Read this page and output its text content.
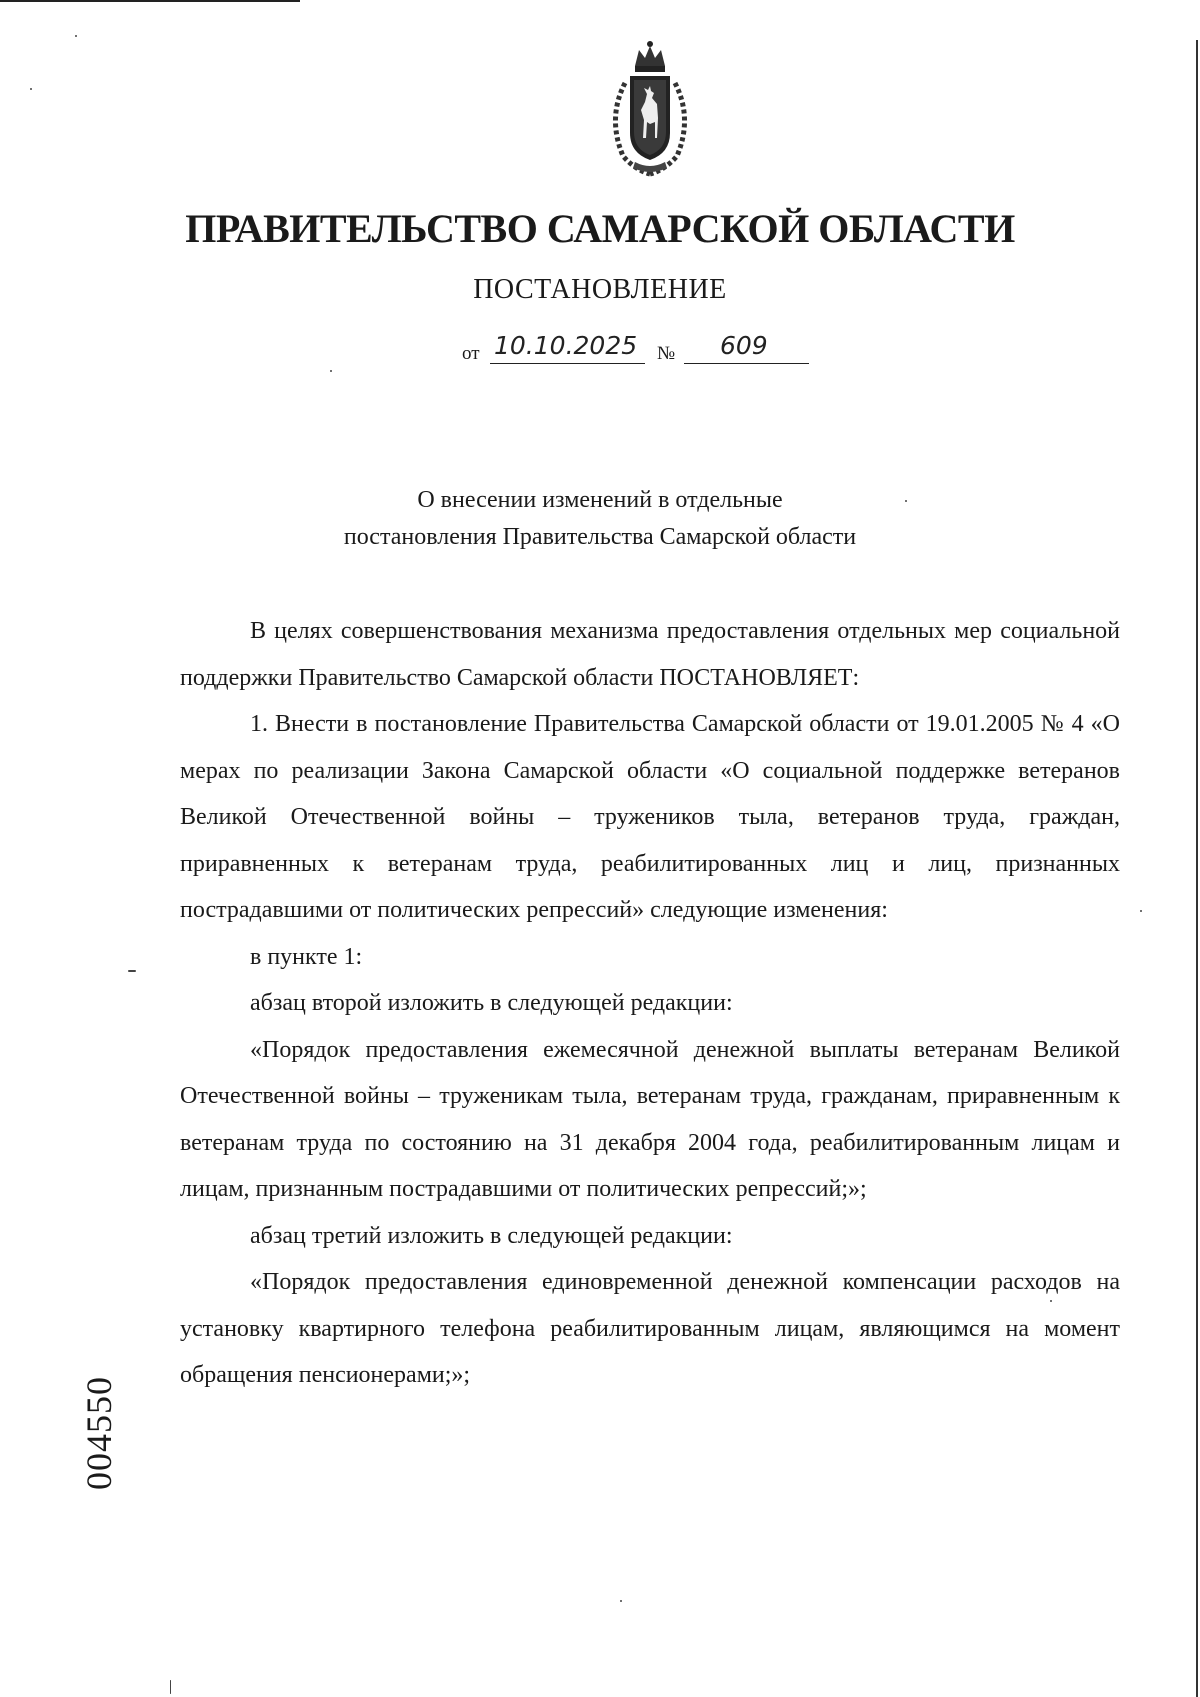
ПРАВИТЕЛЬСТВО САМАРСКОЙ ОБЛАСТИ
ПОСТАНОВЛЕНИЕ
от 10.10.2025 № 609
О внесении изменений в отдельные
постановления Правительства Самарской области

В целях совершенствования механизма предоставления отдельных мер социальной поддержки Правительство Самарской области ПОСТАНОВЛЯЕТ:

1. Внести в постановление Правительства Самарской области от 19.01.2005 № 4 «О мерах по реализации Закона Самарской области «О социальной поддержке ветеранов Великой Отечественной войны – тружеников тыла, ветеранов труда, граждан, приравненных к ветеранам труда, реабилитированных лиц и лиц, признанных пострадавшими от политических репрессий» следующие изменения:

в пункте 1:

абзац второй изложить в следующей редакции:

«Порядок предоставления ежемесячной денежной выплаты ветеранам Великой Отечественной войны – труженикам тыла, ветеранам труда, гражданам, приравненным к ветеранам труда по состоянию на 31 декабря 2004 года, реабилитированным лицам и лицам, признанным пострадавшими от политических репрессий;»;

абзац третий изложить в следующей редакции:

«Порядок предоставления единовременной денежной компенсации расходов на установку квартирного телефона реабилитированным лицам, являющимся на момент обращения пенсионерами;»;

004550
